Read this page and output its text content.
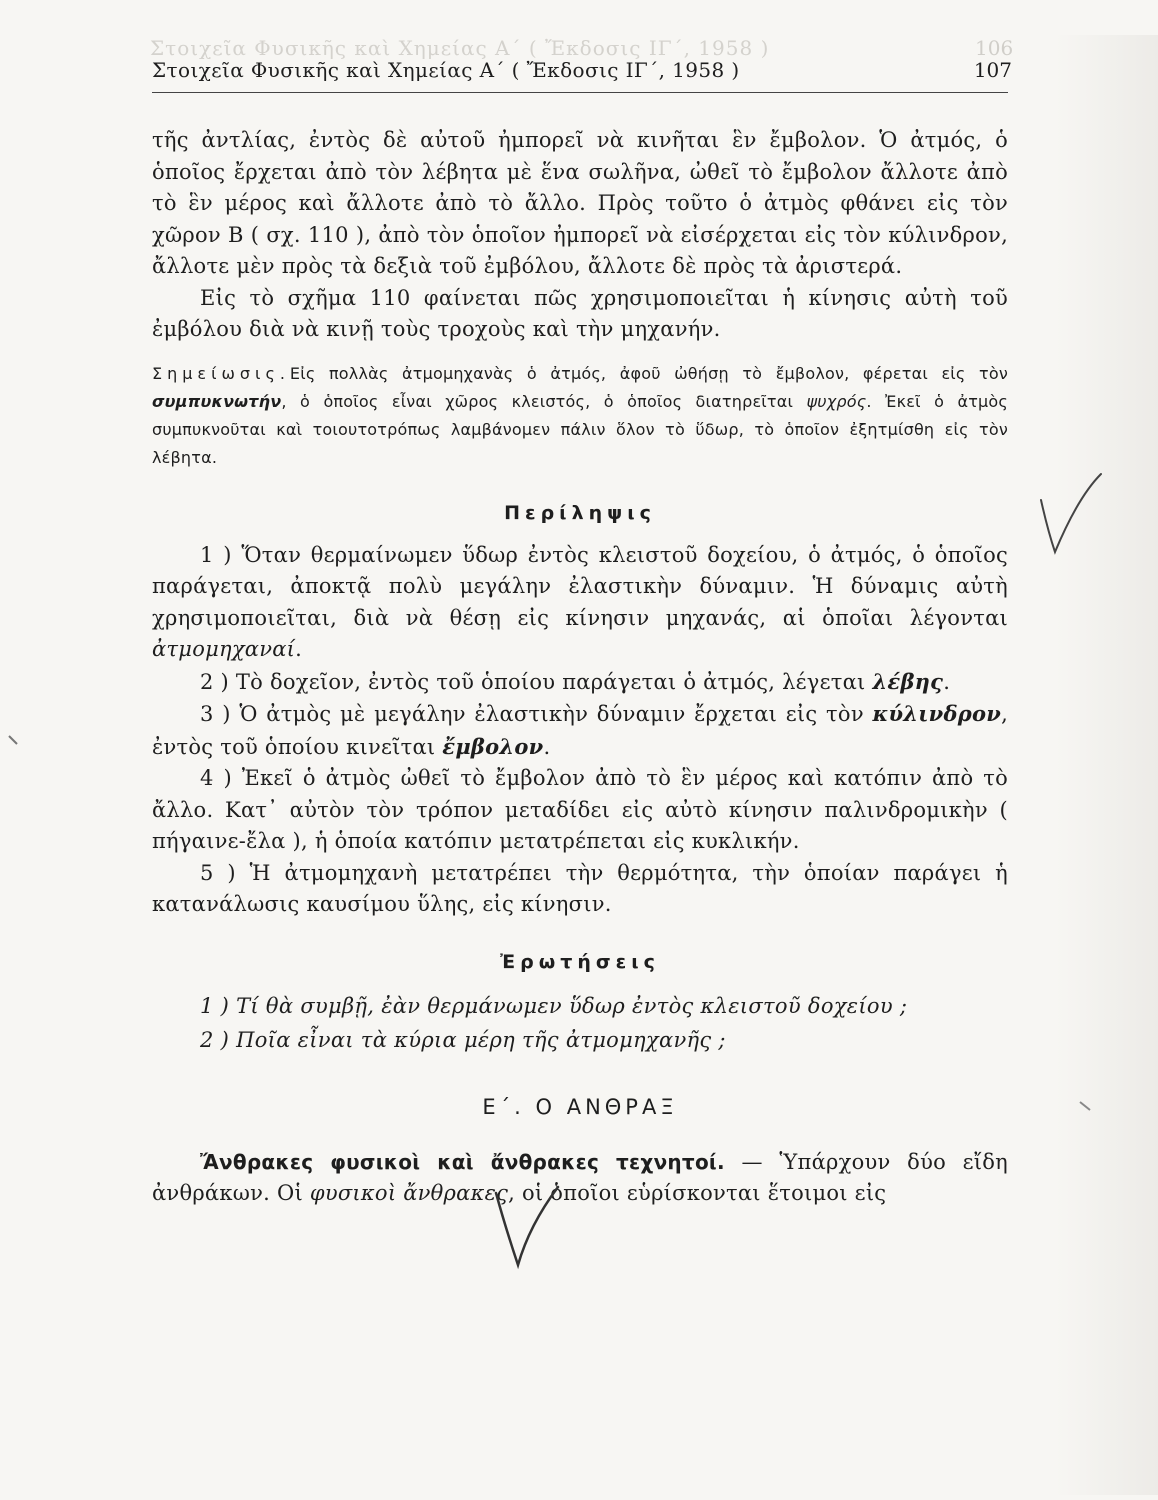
Στοιχεῖα Φυσικῆς καὶ Χημείας Α΄ ( Ἔκδοσις ΙΓ΄, 1958 )	106
Στοιχεῖα Φυσικῆς καὶ Χημείας Α΄ ( Ἔκδοσις ΙΓ΄, 1958 )	107

τῆς ἀντλίας, ἐντὸς δὲ αὐτοῦ ἠμπορεῖ νὰ κινῆται ἓν ἔμβολον. Ὁ ἀτμός, ὁ ὁποῖος ἔρχεται ἀπὸ τὸν λέβητα μὲ ἕνα σωλῆνα, ὠθεῖ τὸ ἔμβολον ἄλλοτε ἀπὸ τὸ ἓν μέρος καὶ ἄλλοτε ἀπὸ τὸ ἄλλο. Πρὸς τοῦτο ὁ ἀτμὸς φθάνει εἰς τὸν χῶρον Β ( σχ. 110 ), ἀπὸ τὸν ὁποῖον ἠμπορεῖ νὰ εἰσέρχεται εἰς τὸν κύλινδρον, ἄλλοτε μὲν πρὸς τὰ δεξιὰ τοῦ ἐμβόλου, ἄλλοτε δὲ πρὸς τὰ ἀριστερά.

Εἰς τὸ σχῆμα 110 φαίνεται πῶς χρησιμοποιεῖται ἡ κίνησις αὐτὴ τοῦ ἐμβόλου διὰ νὰ κινῇ τοὺς τροχοὺς καὶ τὴν μηχανήν.

Σημείωσις.Εἰς πολλὰς ἀτμομηχανὰς ὁ ἀτμός, ἀφοῦ ὠθήσῃ τὸ ἔμβολον, φέρεται εἰς τὸν συμπυκνωτήν, ὁ ὁποῖος εἶναι χῶρος κλειστός, ὁ ὁποῖος διατηρεῖται ψυχρός. Ἐκεῖ ὁ ἀτμὸς συμπυκνοῦται καὶ τοιουτοτρόπως λαμβάνομεν πάλιν ὅλον τὸ ὕδωρ, τὸ ὁποῖον ἐξητμίσθη εἰς τὸν λέβητα.

Περίληψις

1 ) Ὅταν θερμαίνωμεν ὕδωρ ἐντὸς κλειστοῦ δοχείου, ὁ ἀτμός, ὁ ὁποῖος παράγεται, ἀποκτᾷ πολὺ μεγάλην ἐλαστικὴν δύναμιν. Ἡ δύναμις αὐτὴ χρησιμοποιεῖται, διὰ νὰ θέσῃ εἰς κίνησιν μηχανάς, αἱ ὁποῖαι λέγονται ἀτμομηχαναί.

2 ) Τὸ δοχεῖον, ἐντὸς τοῦ ὁποίου παράγεται ὁ ἀτμός, λέγεται λέβης.

3 ) Ὁ ἀτμὸς μὲ μεγάλην ἐλαστικὴν δύναμιν ἔρχεται εἰς τὸν κύλινδρον, ἐντὸς τοῦ ὁποίου κινεῖται ἔμβολον.

4 ) Ἐκεῖ ὁ ἀτμὸς ὠθεῖ τὸ ἔμβολον ἀπὸ τὸ ἓν μέρος καὶ κατόπιν ἀπὸ τὸ ἄλλο. Κατ᾿ αὐτὸν τὸν τρόπον μεταδίδει εἰς αὐτὸ κίνησιν παλινδρομικὴν ( πήγαινε-ἔλα ), ἡ ὁποία κατόπιν μετατρέπεται εἰς κυκλικήν.

5 ) Ἡ ἀτμομηχανὴ μετατρέπει τὴν θερμότητα, τὴν ὁποίαν παράγει ἡ κατανάλωσις καυσίμου ὕλης, εἰς κίνησιν.

Ἐρωτήσεις

1 ) Τί θὰ συμβῇ, ἐὰν θερμάνωμεν ὕδωρ ἐντὸς κλειστοῦ δοχείου ;

2 ) Ποῖα εἶναι τὰ κύρια μέρη τῆς ἀτμομηχανῆς ;

Ε΄. Ο ΑΝΘΡΑΞ

Ἄνθρακες φυσικοὶ καὶ ἄνθρακες τεχνητοί. — Ὑπάρχουν δύο εἴδη ἀνθράκων. Οἱ φυσικοὶ ἄνθρακες, οἱ ὁποῖοι εὑρίσκονται ἕτοιμοι εἰς
